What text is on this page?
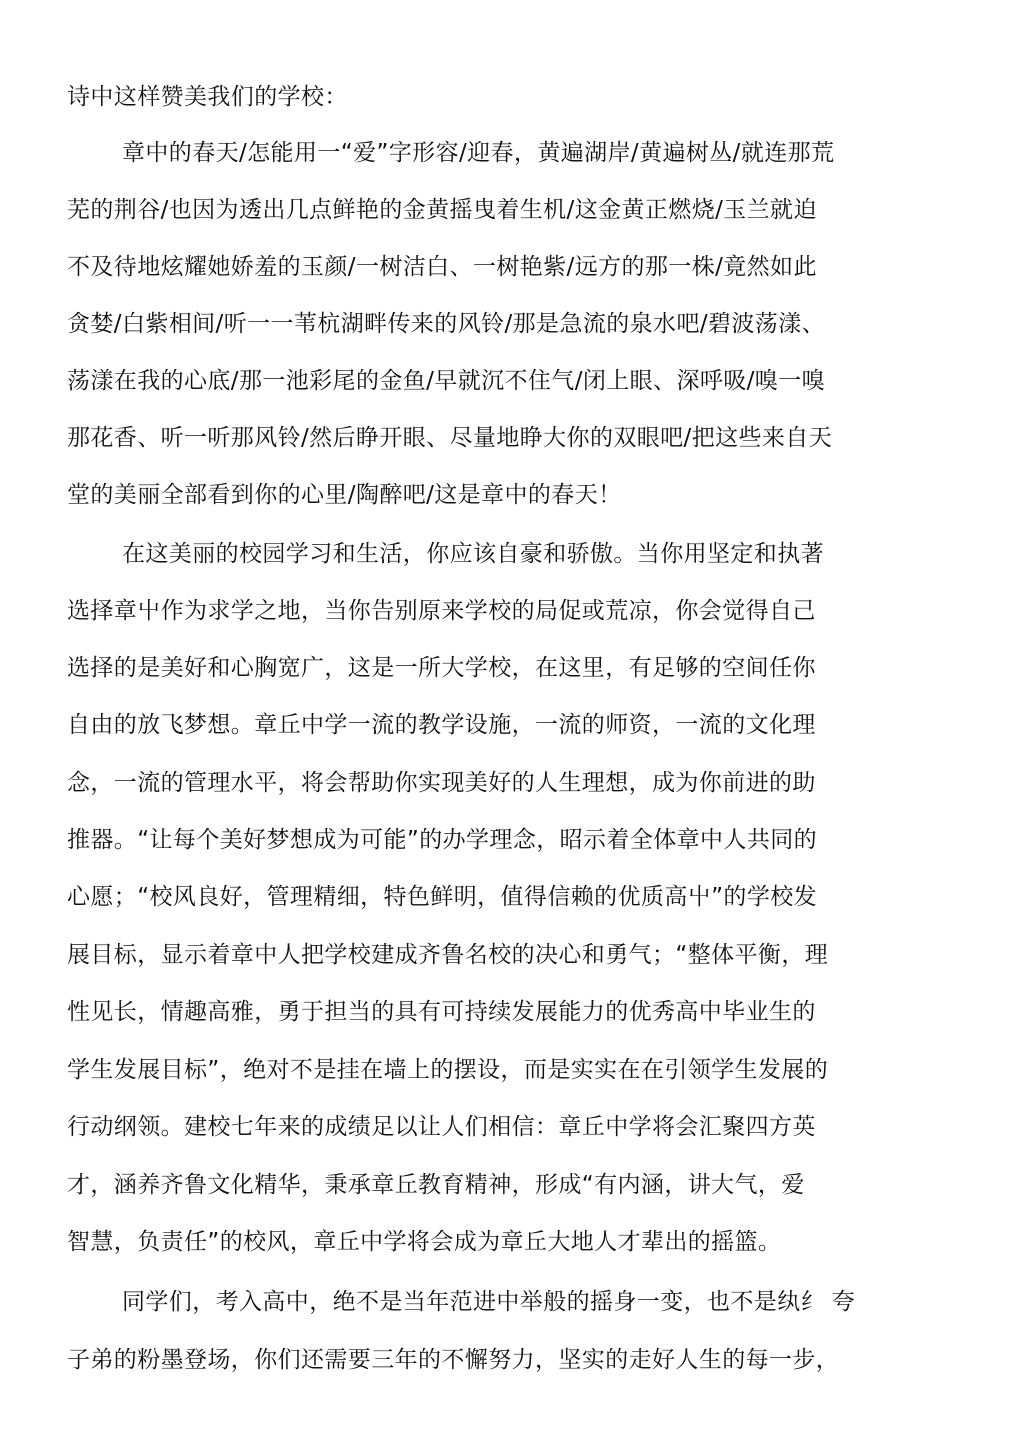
诗中这样赞美我们的学校：
章中的春天/怎能用一“爱”字形容/迎春，黄遍湖岸/黄遍树丛/就连那荒
芜的荆谷/也因为透出几点鲜艳的金黄摇曳着生机/这金黄正燃烧/玉兰就迫
不及待地炫耀她娇羞的玉颜/一树洁白、一树艳紫/远方的那一株/竟然如此
贪婪/白紫相间/听一一苇杭湖畔传来的风铃/那是急流的泉水吧/碧波荡漾、
荡漾在我的心底/那一池彩尾的金鱼/早就沉不住气/闭上眼、深呼吸/嗅一嗅
那花香、听一听那风铃/然后睁开眼、尽量地睁大你的双眼吧/把这些来自天
堂的美丽全部看到你的心里/陶醉吧/这是章中的春天！
在这美丽的校园学习和生活，你应该自豪和骄傲。当你用坚定和执著
选择章屮作为求学之地，当你告别原来学校的局促或荒凉，你会觉得自己
选择的是美好和心胸宽广，这是一所大学校，在这里，有足够的空间任你
自由的放飞梦想。章丘中学一流的教学设施，一流的师资，一流的文化理
念，一流的管理水平，将会帮助你实现美好的人生理想，成为你前进的助
推器。“让每个美好梦想成为可能”的办学理念，昭示着全体章中人共同的
心愿；“校风良好，管理精细，特色鲜明，值得信赖的优质高屮”的学校发
展目标，显示着章中人把学校建成齐鲁名校的决心和勇气；“整体平衡，理
性见长，情趣高雅，勇于担当的具有可持续发展能力的优秀高中毕业生的
学生发展目标”，绝对不是挂在墙上的摆设，而是实实在在引领学生发展的
行动纲领。建校七年来的成绩足以让人们相信：章丘中学将会汇聚四方英
才，涵养齐鲁文化精华，秉承章丘教育精神，形成“有内涵，讲大气，爱
智慧，负责任”的校风，章丘中学将会成为章丘大地人才辈出的摇篮。
同学们，考入高中，绝不是当年范进中举般的摇身一变，也不是纨纟 夸
子弟的粉墨登场，你们还需要三年的不懈努力，坚实的走好人生的每一步，
